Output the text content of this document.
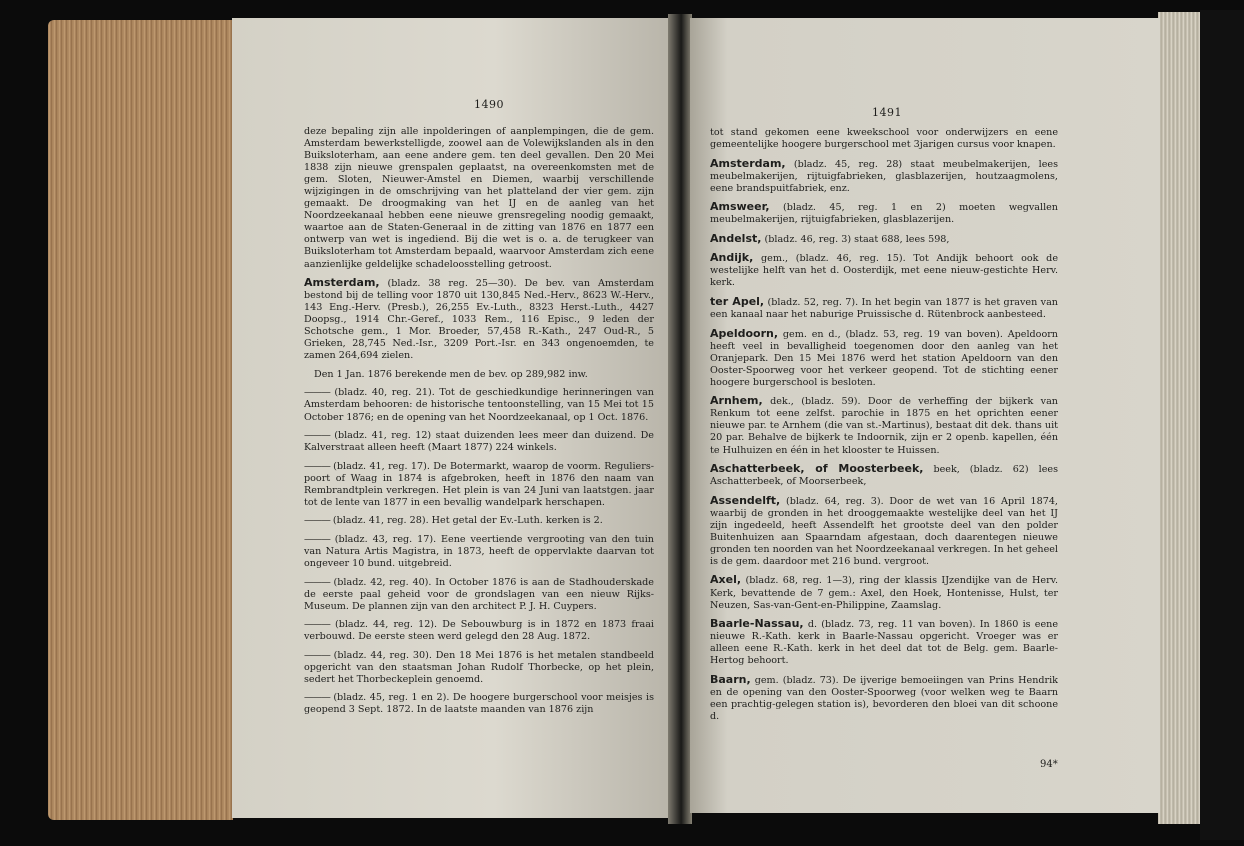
1490

deze bepaling zijn alle inpolderingen of aanplempingen, die de gem. Amsterdam bewerkstelligde, zoowel aan de Volewijkslanden als in den Buiksloterham, aan eene andere gem. ten deel gevallen. Den 20 Mei 1838 zijn nieuwe grenspalen geplaatst, na overeenkomsten met de gem. Sloten, Nieuwer-Amstel en Diemen, waarbij verschillende wijzigingen in de omschrijving van het platteland der vier gem. zijn gemaakt. De droogmaking van het IJ en de aanleg van het Noordzeekanaal hebben eene nieuwe grensregeling noodig gemaakt, waartoe aan de Staten-Generaal in de zitting van 1876 en 1877 een ontwerp van wet is ingediend. Bij die wet is o. a. de terugkeer van Buiksloterham tot Amsterdam bepaald, waarvoor Amsterdam zich eene aanzienlijke geldelijke schadeloosstelling getroost.

Amsterdam, (bladz. 38 reg. 25—30). De bev. van Amsterdam bestond bij de telling voor 1870 uit 130,845 Ned.-Herv., 8623 W.-Herv., 143 Eng.-Herv. (Presb.), 26,255 Ev.-Luth., 8323 Herst.-Luth., 4427 Doopsg., 1914 Chr.-Geref., 1033 Rem., 116 Episc., 9 leden der Schotsche gem., 1 Mor. Broeder, 57,458 R.-Kath., 247 Oud-R., 5 Grieken, 28,745 Ned.-Isr., 3209 Port.-Isr. en 343 ongenoemden, te zamen 264,694 zielen.

Den 1 Jan. 1876 berekende men de bev. op 289,982 inw.

——— (bladz. 40, reg. 21). Tot de geschiedkundige herinneringen van Amsterdam behooren: de historische tentoonstelling, van 15 Mei tot 15 October 1876; en de opening van het Noordzeekanaal, op 1 Oct. 1876.

——— (bladz. 41, reg. 12) staat duizenden lees meer dan duizend. De Kalverstraat alleen heeft (Maart 1877) 224 winkels.

——— (bladz. 41, reg. 17). De Botermarkt, waarop de voorm. Regulierspoort of Waag in 1874 is afgebroken, heeft in 1876 den naam van Rembrandtplein verkregen. Het plein is van 24 Juni van laatstgen. jaar tot de lente van 1877 in een bevallig wandelpark herschapen.

——— (bladz. 41, reg. 28). Het getal der Ev.-Luth. kerken is 2.

——— (bladz. 43, reg. 17). Eene veertiende vergrooting van den tuin van Natura Artis Magistra, in 1873, heeft de oppervlakte daarvan tot ongeveer 10 bund. uitgebreid.

——— (bladz. 42, reg. 40). In October 1876 is aan de Stadhouderskade de eerste paal geheid voor de grondslagen van een nieuw Rijks-Museum. De plannen zijn van den architect P. J. H. Cuypers.

——— (bladz. 44, reg. 12). De Sebouwburg is in 1872 en 1873 fraai verbouwd. De eerste steen werd gelegd den 28 Aug. 1872.

——— (bladz. 44, reg. 30). Den 18 Mei 1876 is het metalen standbeeld opgericht van den staatsman Johan Rudolf Thorbecke, op het plein, sedert het Thorbeckeplein genoemd.

——— (bladz. 45, reg. 1 en 2). De hoogere burgerschool voor meisjes is geopend 3 Sept. 1872. In de laatste maanden van 1876 zijn

1491

tot stand gekomen eene kweekschool voor onderwijzers en eene gemeentelijke hoogere burgerschool met 3jarigen cursus voor knapen.

Amsterdam, (bladz. 45, reg. 28) staat meubelmakerijen, lees meubelmakerijen, rijtuigfabrieken, glasblazerijen, houtzaagmolens, eene brandspuitfabriek, enz.

Amsweer, (bladz. 45, reg. 1 en 2) moeten wegvallen meubelmakerijen, rijtuigfabrieken, glasblazerijen.

Andelst, (bladz. 46, reg. 3) staat 688, lees 598,

Andijk, gem., (bladz. 46, reg. 15). Tot Andijk behoort ook de westelijke helft van het d. Oosterdijk, met eene nieuw-gestichte Herv. kerk.

ter Apel, (bladz. 52, reg. 7). In het begin van 1877 is het graven van een kanaal naar het naburige Pruissische d. Rütenbrock aanbesteed.

Apeldoorn, gem. en d., (bladz. 53, reg. 19 van boven). Apeldoorn heeft veel in bevalligheid toegenomen door den aanleg van het Oranjepark. Den 15 Mei 1876 werd het station Apeldoorn van den Ooster-Spoorweg voor het verkeer geopend. Tot de stichting eener hoogere burgerschool is besloten.

Arnhem, dek., (bladz. 59). Door de verheffing der bijkerk van Renkum tot eene zelfst. parochie in 1875 en het oprichten eener nieuwe par. te Arnhem (die van st.-Martinus), bestaat dit dek. thans uit 20 par. Behalve de bijkerk te Indoornik, zijn er 2 openb. kapellen, één te Hulhuizen en één in het klooster te Huissen.

Aschatterbeek, of Moosterbeek, beek, (bladz. 62) lees Aschatterbeek, of Moorserbeek,

Assendelft, (bladz. 64, reg. 3). Door de wet van 16 April 1874, waarbij de gronden in het drooggemaakte westelijke deel van het IJ zijn ingedeeld, heeft Assendelft het grootste deel van den polder Buitenhuizen aan Spaarndam afgestaan, doch daarentegen nieuwe gronden ten noorden van het Noordzeekanaal verkregen. In het geheel is de gem. daardoor met 216 bund. vergroot.

Axel, (bladz. 68, reg. 1—3), ring der klassis IJzendijke van de Herv. Kerk, bevattende de 7 gem.: Axel, den Hoek, Hontenisse, Hulst, ter Neuzen, Sas-van-Gent-en-Philippine, Zaamslag.

Baarle-Nassau, d. (bladz. 73, reg. 11 van boven). In 1860 is eene nieuwe R.-Kath. kerk in Baarle-Nassau opgericht. Vroeger was er alleen eene R.-Kath. kerk in het deel dat tot de Belg. gem. Baarle-Hertog behoort.

Baarn, gem. (bladz. 73). De ijverige bemoeiingen van Prins Hendrik en de opening van den Ooster-Spoorweg (voor welken weg te Baarn een prachtig-gelegen station is), bevorderen den bloei van dit schoone d.

94*
